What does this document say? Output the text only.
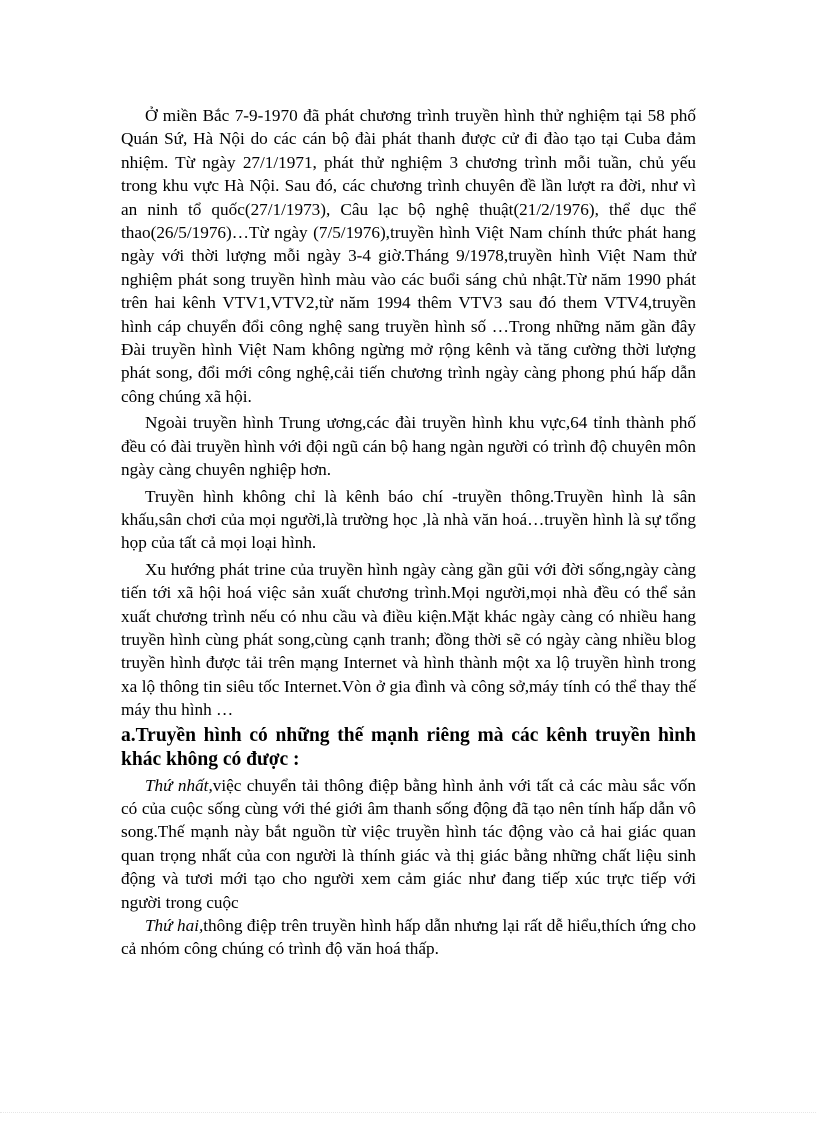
Ở miền Bắc 7-9-1970 đã phát chương trình truyền hình thử nghiệm tại 58 phố Quán Sứ, Hà Nội do các cán bộ đài phát thanh được cử đi đào tạo tại Cuba đảm nhiệm. Từ ngày 27/1/1971, phát thử nghiệm 3 chương trình mỗi tuần, chủ yếu trong khu vực Hà Nội. Sau đó, các chương trình chuyên đề lần lượt ra đời, như vì an ninh tổ quốc(27/1/1973), Câu lạc bộ nghệ thuật(21/2/1976), thể dục thể thao(26/5/1976)…Từ ngày (7/5/1976),truyền hình Việt Nam chính thức phát hang ngày với thời lượng mỗi ngày 3-4 giờ.Tháng 9/1978,truyền hình Việt Nam thử nghiệm phát song truyền hình màu vào các buổi sáng chủ nhật.Từ năm 1990 phát trên hai kênh VTV1,VTV2,từ năm 1994 thêm VTV3 sau đó them VTV4,truyền hình cáp chuyển đổi công nghệ sang truyền hình số …Trong những năm gần đây Đài truyền hình Việt Nam không ngừng mở rộng kênh và tăng cường thời lượng phát song, đổi mới công nghệ,cải tiến chương trình ngày càng phong phú hấp dẫn công chúng xã hội.

Ngoài truyền hình Trung ương,các đài truyền hình khu vực,64 tỉnh thành phố đều có đài truyền hình với đội ngũ cán bộ hang ngàn người có trình độ chuyên môn ngày càng chuyên nghiệp hơn.

Truyền hình không chỉ là kênh báo chí -truyền thông.Truyền hình là sân khấu,sân chơi của mọi người,là trường học ,là nhà văn hoá…truyền hình là sự tổng họp của tất cả mọi loại hình.

Xu hướng phát trine của truyền hình ngày càng gần gũi với đời sống,ngày càng tiến tới xã hội hoá việc sản xuất chương trình.Mọi người,mọi nhà đều có thể sản xuất chương trình nếu có nhu cầu và điều kiện.Mặt khác ngày càng có nhiều hang truyền hình cùng phát song,cùng cạnh tranh; đồng thời sẽ có ngày càng nhiều blog truyền hình được tải trên mạng Internet và hình thành một xa lộ truyền hình trong xa lộ thông tin siêu tốc Internet.Vòn ở gia đình và công sở,máy tính có thể thay thế máy thu hình …

a.Truyền hình có những thế mạnh riêng mà các kênh truyền hình khác không có được :

Thứ nhất,việc chuyển tải thông điệp bằng hình ảnh với tất cả các màu sắc vốn có của cuộc sống cùng với thé giới âm thanh sống động đã tạo nên tính hấp dẫn vô song.Thế mạnh này bắt nguồn từ việc truyền hình tác động vào cả hai giác quan quan trọng nhất của con người là thính giác và thị giác bằng những chất liệu sinh động và tươi mới tạo cho người xem cảm giác như đang tiếp xúc trực tiếp với người trong cuộc

Thứ hai,thông điệp trên truyền hình hấp dẫn nhưng lại rất dễ hiểu,thích ứng cho cả nhóm công chúng có trình độ văn hoá thấp.
